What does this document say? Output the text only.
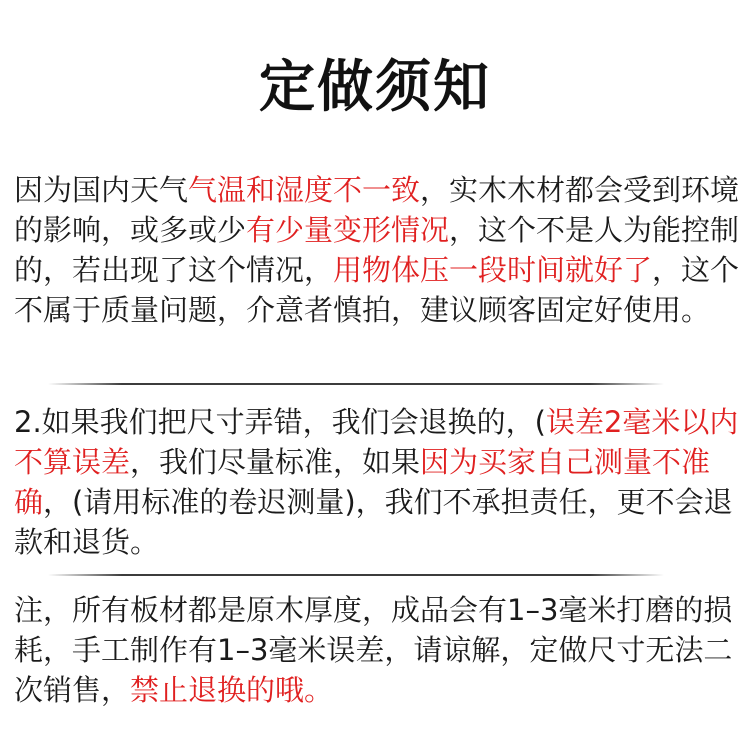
定做须知
因为国内天气气温和湿度不一致，实木木材都会受到环境的影响，或多或少有少量变形情况，这个不是人为能控制的，若出现了这个情况，用物体压一段时间就好了，这个不属于质量问题，介意者慎拍，建议顾客固定好使用。
2.如果我们把尺寸弄错，我们会退换的，(误差2毫米以内不算误差，我们尽量标准，如果因为买家自己测量不准确，(请用标准的卷迟测量)，我们不承担责任，更不会退款和退货。
注，所有板材都是原木厚度，成品会有1–3毫米打磨的损耗，手工制作有1–3毫米误差，请谅解，定做尺寸无法二次销售，禁止退换的哦。
